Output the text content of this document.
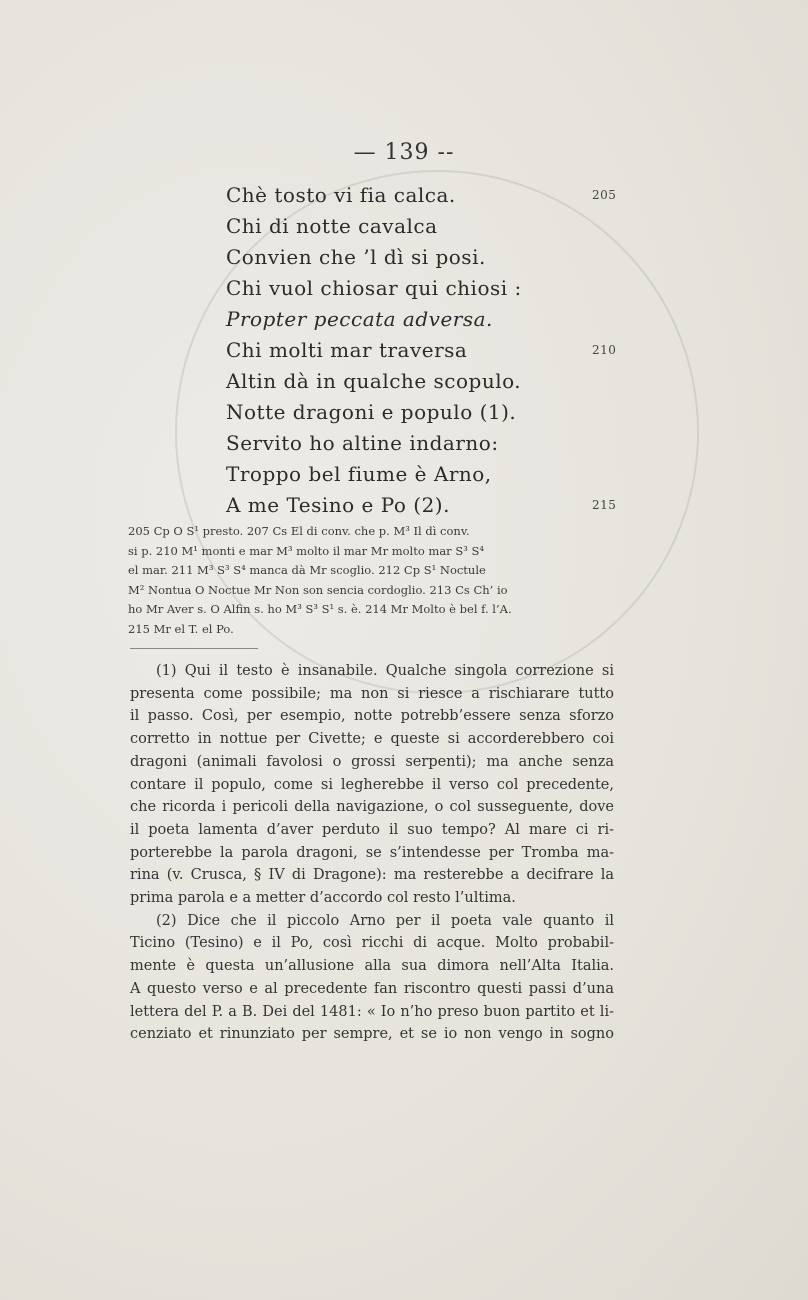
— 139 --
Chè tosto vi fia calca.	205
Chi di notte cavalca
Convien che ’l dì si posi.
Chi vuol chiosar qui chiosi :
Propter peccata adversa.
Chi molti mar traversa	210
Altin dà in qualche scopulo.
Notte dragoni e populo (1).
Servito ho altine indarno:
Troppo bel fiume è Arno,
A me Tesino e Po (2).	215
205 Cp O S¹ presto. 207 Cs El di conv. che p. M³ Il dì conv.
si p. 210 M¹ monti e mar M³ molto il mar Mr molto mar S³ S⁴
el mar. 211 M³ S³ S⁴ manca dà Mr scoglio. 212 Cp S¹ Noctule
M² Nontua O Noctue Mr Non son sencia cordoglio. 213 Cs Ch’ io
ho Mr Aver s. O Alfin s. ho M³ S³ S¹ s. è. 214 Mr Molto è bel f. l’A.
215 Mr el T. el Po.
(1) Qui il testo è insanabile. Qualche singola correzione si
presenta come possibile; ma non si riesce a rischiarare tutto
il passo. Così, per esempio, notte potrebb’essere senza sforzo
corretto in nottue per Civette; e queste si accorderebbero coi
dragoni (animali favolosi o grossi serpenti); ma anche senza
contare il populo, come si legherebbe il verso col precedente,
che ricorda i pericoli della navigazione, o col susseguente, dove
il poeta lamenta d’aver perduto il suo tempo? Al mare ci ri-
porterebbe la parola dragoni, se s’intendesse per Tromba ma-
rina (v. Crusca, § IV di Dragone): ma resterebbe a decifrare la
prima parola e a metter d’accordo col resto l’ultima.
(2) Dice che il piccolo Arno per il poeta vale quanto il
Ticino (Tesino) e il Po, così ricchi di acque. Molto probabil-
mente è questa un’allusione alla sua dimora nell’Alta Italia.
A questo verso e al precedente fan riscontro questi passi d’una
lettera del P. a B. Dei del 1481: « Io n’ho preso buon partito et li-
cenziato et rinunziato per sempre, et se io non vengo in sogno
